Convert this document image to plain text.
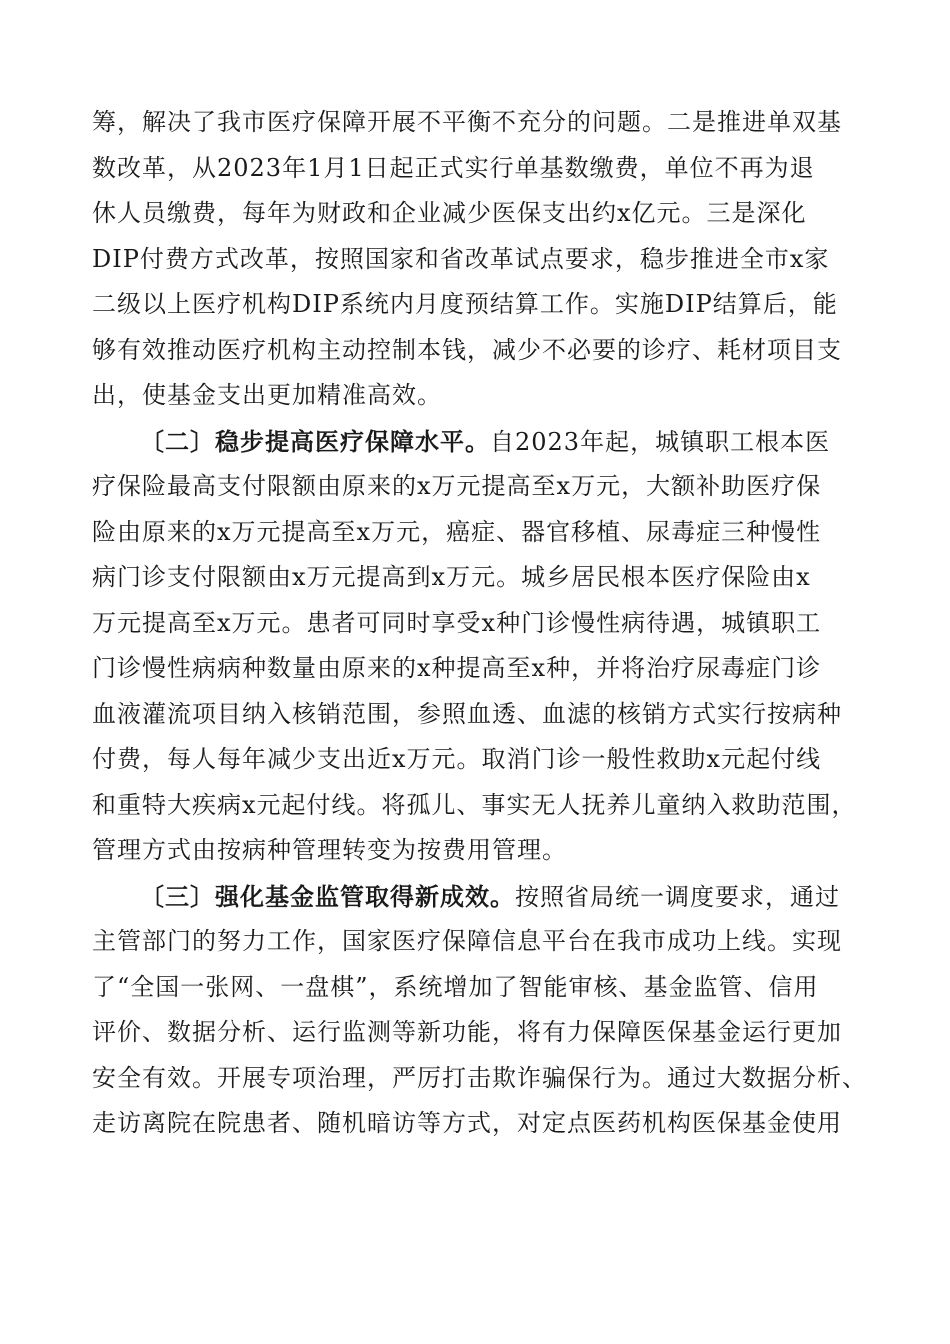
筹，解决了我市医疗保障开展不平衡不充分的问题。二是推进单双基
数改革，从2023年1月1日起正式实行单基数缴费，单位不再为退
休人员缴费，每年为财政和企业减少医保支出约x亿元。三是深化
DIP付费方式改革，按照国家和省改革试点要求，稳步推进全市x家
二级以上医疗机构DIP系统内月度预结算工作。实施DIP结算后，能
够有效推动医疗机构主动控制本钱，减少不必要的诊疗、耗材项目支
出，使基金支出更加精准高效。
〔二〕稳步提高医疗保障水平。自2023年起，城镇职工根本医
疗保险最高支付限额由原来的x万元提高至x万元，大额补助医疗保
险由原来的x万元提高至x万元，癌症、器官移植、尿毒症三种慢性
病门诊支付限额由x万元提高到x万元。城乡居民根本医疗保险由x
万元提高至x万元。患者可同时享受x种门诊慢性病待遇，城镇职工
门诊慢性病病种数量由原来的x种提高至x种，并将治疗尿毒症门诊
血液灌流项目纳入核销范围，参照血透、血滤的核销方式实行按病种
付费，每人每年减少支出近x万元。取消门诊一般性救助x元起付线
和重特大疾病x元起付线。将孤儿、事实无人抚养儿童纳入救助范围，
管理方式由按病种管理转变为按费用管理。
〔三〕强化基金监管取得新成效。按照省局统一调度要求，通过
主管部门的努力工作，国家医疗保障信息平台在我市成功上线。实现
了“全国一张网、一盘棋”，系统增加了智能审核、基金监管、信用
评价、数据分析、运行监测等新功能，将有力保障医保基金运行更加
安全有效。开展专项治理，严厉打击欺诈骗保行为。通过大数据分析、
走访离院在院患者、随机暗访等方式，对定点医药机构医保基金使用
